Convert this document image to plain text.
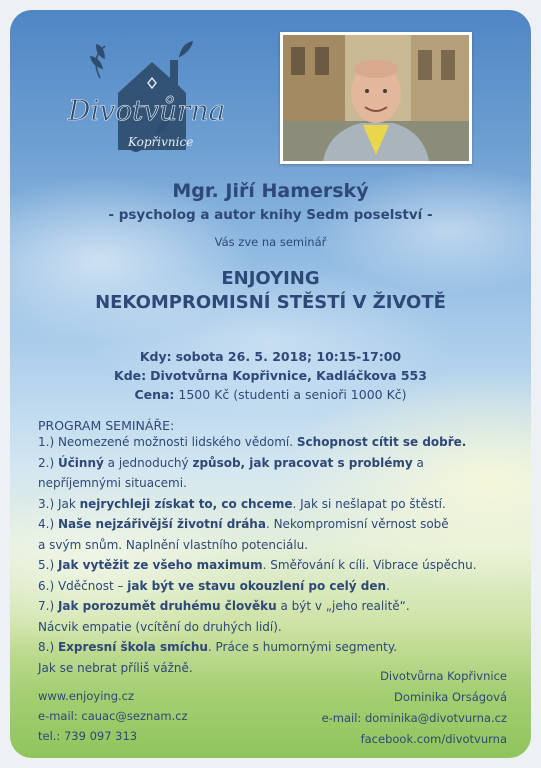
Divotvůrna
Kopřivnice

Mgr. Jiří Hamerský

- psycholog a autor knihy Sedm poselství -

Vás zve na seminář

ENJOYING

NEKOMPROMISNÍ STĚSTÍ V ŽIVOTĚ

Kdy: sobota 26. 5. 2018; 10:15-17:00
Kde: Divotvůrna Kopřivnice, Kadláčkova 553
Cena: 1500 Kč (studenti a senioři 1000 Kč)

PROGRAM SEMINÁŘE:

1.) Neomezené možnosti lidského vědomí. Schopnost cítit se dobře.
2.) Účinný a jednoduchý způsob, jak pracovat s problémy a
nepříjemnými situacemi.
3.) Jak nejrychleji získat to, co chceme. Jak si nešlapat po štěstí.
4.) Naše nejzářivější životní dráha. Nekompromisní věrnost sobě
a svým snům. Naplnění vlastního potenciálu.
5.) Jak vytěžit ze všeho maximum. Směřování k cíli. Vibrace úspěchu.
6.) Vděčnost – jak být ve stavu okouzlení po celý den.
7.) Jak porozumět druhému člověku a být v „jeho realitě“.
Nácvik empatie (vcítění do druhých lidí).
8.) Expresní škola smíchu. Práce s humornými segmenty.
Jak se nebrat příliš vážně.
www.enjoying.cz
e-mail: cauac@seznam.cz
tel.: 739 097 313
Divotvůrna Kopřivnice
Dominika Orságová
e-mail: dominika@divotvurna.cz
facebook.com/divotvurna
